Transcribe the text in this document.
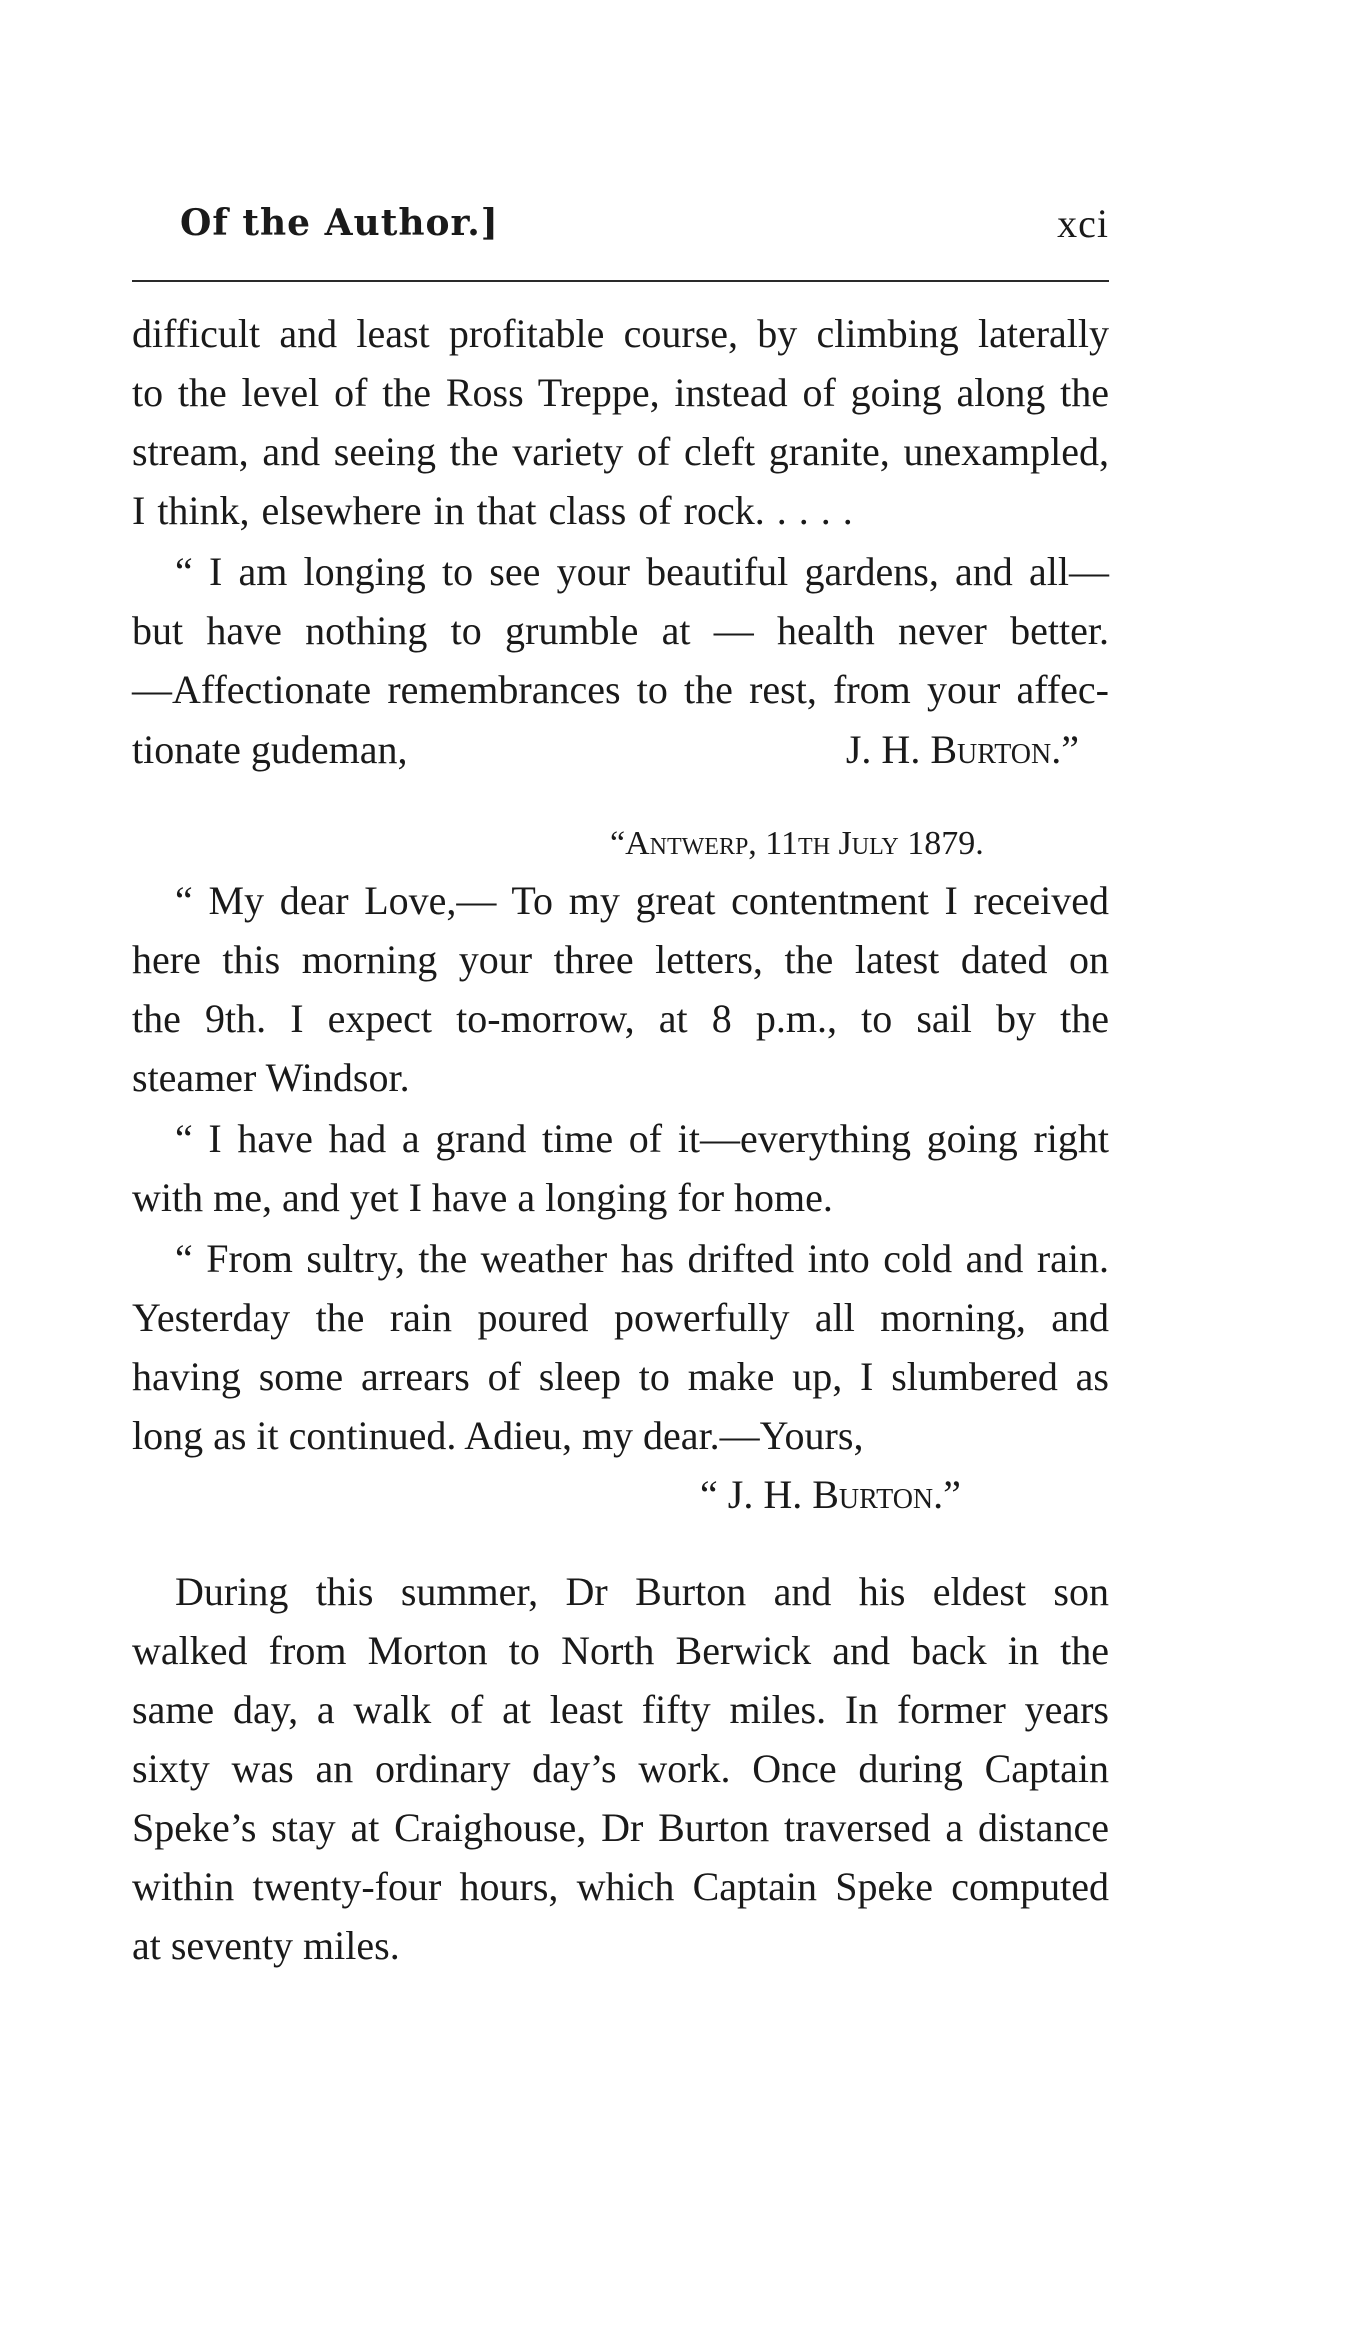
Of the Author.]	xci
difficult and least profitable course, by climbing laterally
to the level of the Ross Treppe, instead of going along the
stream, and seeing the variety of cleft granite, unexampled,
I think, elsewhere in that class of rock. . . . .
“ I am longing to see your beautiful gardens, and all—
but have nothing to grumble at — health never better.
—Affectionate remembrances to the rest, from your affec-
tionate gudeman,	J. H. Burton.”
“Antwerp, 11th July 1879.
“ My dear Love,— To my great contentment I received
here this morning your three letters, the latest dated on
the 9th. I expect to-morrow, at 8 p.m., to sail by the
steamer Windsor.
“ I have had a grand time of it—everything going right
with me, and yet I have a longing for home.
“ From sultry, the weather has drifted into cold and rain.
Yesterday the rain poured powerfully all morning, and
having some arrears of sleep to make up, I slumbered as
long as it continued. Adieu, my dear.—Yours,
“ J. H. Burton.”
During this summer, Dr Burton and his eldest son
walked from Morton to North Berwick and back in the
same day, a walk of at least fifty miles. In former years
sixty was an ordinary day’s work. Once during Captain
Speke’s stay at Craighouse, Dr Burton traversed a distance
within twenty-four hours, which Captain Speke computed
at seventy miles.
